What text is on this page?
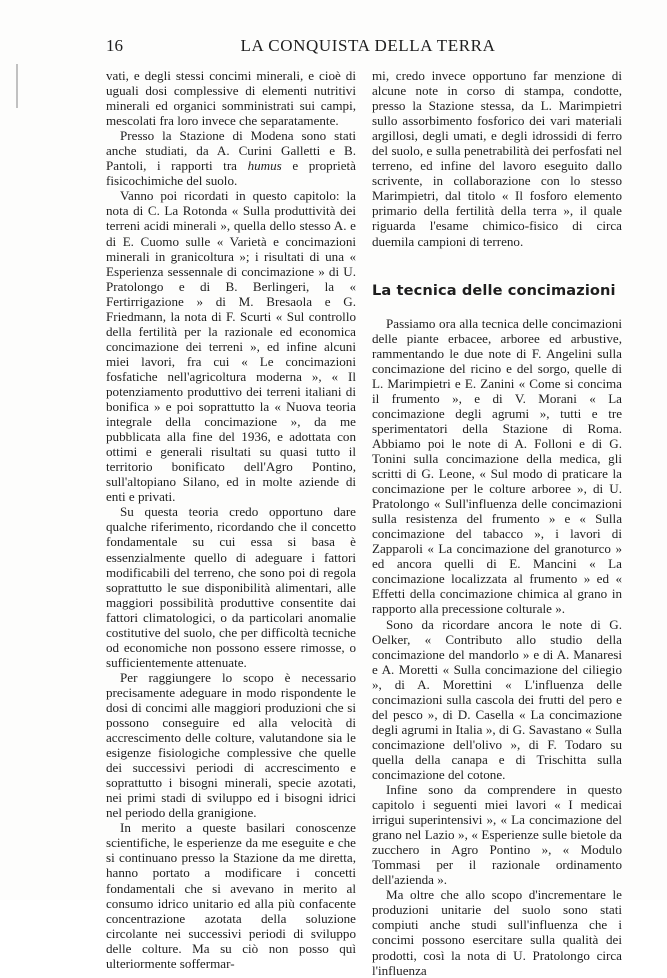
16	LA CONQUISTA DELLA TERRA

vati, e degli stessi concimi minerali, e cioè di uguali dosi complessive di elementi nutritivi minerali ed organici somministrati sui campi, mescolati fra loro invece che separatamente.

Presso la Stazione di Modena sono stati anche studiati, da A. Curini Galletti e B. Pantoli, i rapporti tra humus e proprietà fisicochimiche del suolo.

Vanno poi ricordati in questo capitolo: la nota di C. La Rotonda « Sulla produttività dei terreni acidi minerali », quella dello stesso A. e di E. Cuomo sulle « Varietà e concimazioni minerali in granicoltura »; i risultati di una « Esperienza sessennale di concimazione » di U. Pratolongo e di B. Berlingeri, la « Fertirrigazione » di M. Bresaola e G. Friedmann, la nota di F. Scurti « Sul controllo della fertilità per la razionale ed economica concimazione dei terreni », ed infine alcuni miei lavori, fra cui « Le concimazioni fosfatiche nell'agricoltura moderna », « Il potenziamento produttivo dei terreni italiani di bonifica » e poi soprattutto la « Nuova teoria integrale della concimazione », da me pubblicata alla fine del 1936, e adottata con ottimi e generali risultati su quasi tutto il territorio bonificato dell'Agro Pontino, sull'altopiano Silano, ed in molte aziende di enti e privati.

Su questa teoria credo opportuno dare qualche riferimento, ricordando che il concetto fondamentale su cui essa si basa è essenzialmente quello di adeguare i fattori modificabili del terreno, che sono poi di regola soprattutto le sue disponibilità alimentari, alle maggiori possibilità produttive consentite dai fattori climatologici, o da particolari anomalie costitutive del suolo, che per difficoltà tecniche od economiche non possono essere rimosse, o sufficientemente attenuate.

Per raggiungere lo scopo è necessario precisamente adeguare in modo rispondente le dosi di concimi alle maggiori produzioni che si possono conseguire ed alla velocità di accrescimento delle colture, valutandone sia le esigenze fisiologiche complessive che quelle dei successivi periodi di accrescimento e soprattutto i bisogni minerali, specie azotati, nei primi stadi di sviluppo ed i bisogni idrici nel periodo della granigione.

In merito a queste basilari conoscenze scientifiche, le esperienze da me eseguite e che si continuano presso la Stazione da me diretta, hanno portato a modificare i concetti fondamentali che si avevano in merito al consumo idrico unitario ed alla più confacente concentrazione azotata della soluzione circolante nei successivi periodi di sviluppo delle colture. Ma su ciò non posso quì ulteriormente soffermar-

mi, credo invece opportuno far menzione di alcune note in corso di stampa, condotte, presso la Stazione stessa, da L. Marimpietri sullo assorbimento fosforico dei vari materiali argillosi, degli umati, e degli idrossidi di ferro del suolo, e sulla penetrabilità dei perfosfati nel terreno, ed infine del lavoro eseguito dallo scrivente, in collaborazione con lo stesso Marimpietri, dal titolo « Il fosforo elemento primario della fertilità della terra », il quale riguarda l'esame chimico-fisico di circa duemila campioni di terreno.

La tecnica delle concimazioni

Passiamo ora alla tecnica delle concimazioni delle piante erbacee, arboree ed arbustive, rammentando le due note di F. Angelini sulla concimazione del ricino e del sorgo, quelle di L. Marimpietri e E. Zanini « Come si concima il frumento », e di V. Morani « La concimazione degli agrumi », tutti e tre sperimentatori della Stazione di Roma. Abbiamo poi le note di A. Folloni e di G. Tonini sulla concimazione della medica, gli scritti di G. Leone, « Sul modo di praticare la concimazione per le colture arboree », di U. Pratolongo « Sull'influenza delle concimazioni sulla resistenza del frumento » e « Sulla concimazione del tabacco », i lavori di Zapparoli « La concimazione del granoturco » ed ancora quelli di E. Mancini « La concimazione localizzata al frumento » ed « Effetti della concimazione chimica al grano in rapporto alla precessione colturale ».

Sono da ricordare ancora le note di G. Oelker, « Contributo allo studio della concimazione del mandorlo » e di A. Manaresi e A. Moretti « Sulla concimazione del ciliegio », di A. Morettini « L'influenza delle concimazioni sulla cascola dei frutti del pero e del pesco », di D. Casella « La concimazione degli agrumi in Italia », di G. Savastano « Sulla concimazione dell'olivo », di F. Todaro su quella della canapa e di Trischitta sulla concimazione del cotone.

Infine sono da comprendere in questo capitolo i seguenti miei lavori « I medicai irrigui superintensivi », « La concimazione del grano nel Lazio », « Esperienze sulle bietole da zucchero in Agro Pontino », « Modulo Tommasi per il razionale ordinamento dell'azienda ».

Ma oltre che allo scopo d'incrementare le produzioni unitarie del suolo sono stati compiuti anche studi sull'influenza che i concimi possono esercitare sulla qualità dei prodotti, così la nota di U. Pratolongo circa l'influenza
